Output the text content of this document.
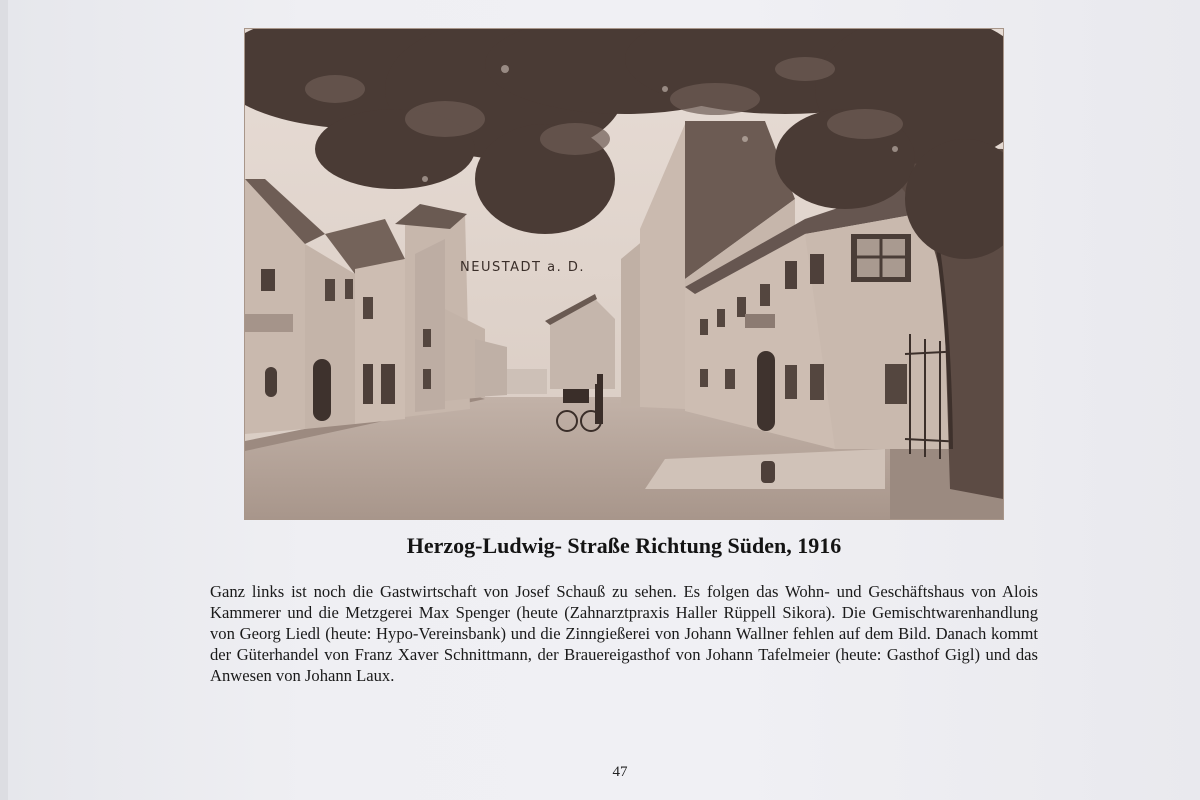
NEUSTADT a. D.
Herzog-Ludwig- Straße Richtung Süden, 1916

Ganz links ist noch die Gastwirtschaft von Josef Schauß zu sehen. Es folgen das Wohn- und Geschäftshaus von Alois Kammerer und die Metzgerei Max Spenger (heute (Zahnarztpraxis Haller Rüppell Sikora). Die Gemischtwarenhandlung von Georg Liedl (heute: Hypo-Vereinsbank) und die Zinngießerei von Johann Wallner fehlen auf dem Bild. Danach kommt der Güterhandel von Franz Xaver Schnittmann, der Brauereigasthof von Johann Tafelmeier (heute: Gasthof Gigl) und das Anwesen von Johann Laux.

47
